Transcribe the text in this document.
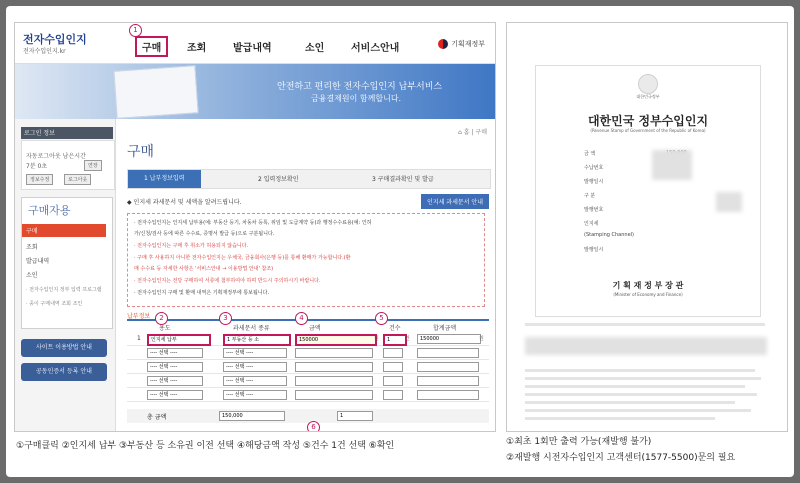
전자수입인지
전자수입인지.kr	구매	조회	발급내역	소인	서비스안내	기획재정부
1
안전하고 편리한 전자수입인지 납부서비스
금융결제원이 함께합니다.
로그인 정보
자동로그아웃 남은시간
7분 0초	연장
정보수정	로그아웃
구매자용
구매
조회
발급내역
소인
· 전자수입인지 정부 입력 프로그램
· 종이 구매내역 조회 조인
사이트 이용방법 안내
공동인증서 등록 안내
⌂ 홈 | 구매
구매
1 납부정보입력	2 입력정보확인	3 구매결과확인 및 발급
◆ 인지세 과세문서 및 세액을 알려드립니다.	인지세 과세문서 안내
· 전자수입인지는 인지세 납부용(예: 부동산 등기, 차동차 등록, 위임 및 도급계약 등)과 행정수수료용(예: 인허
가/신청/검사 등에 따른 수수료, 증명서 발급 등)으로 구분됩니다.
· 전자수입인지는 구매 후 취소가 허용되지 않습니다.
· 구매 후 사용하지 아니한 전자수입인지는 우체국, 금융회사(은행 등)를 통해 환매가 가능합니다.(환
매 수수료 등 자세한 사항은 '서비스안내 → 이용방법 안내' 참조)
· 전자수입인지는 전당 구매하여 서류에 첨부하여야 하며 반드시 주의하시기 바랍니다.
· 전자수입인지 구매 및 환매 내역은 기획재정부에 통보됩니다.
납부정보
용도	과세문서 종류	금액	건수	합계금액
2	3	4	5
1	인지세 납부	1 부동산 등 소	150000	원	1	건	150000	원
---- 선택 ----	---- 선택 ----
---- 선택 ----	---- 선택 ----
---- 선택 ----	---- 선택 ----
---- 선택 ----	---- 선택 ----
총 금액	150,000	1
6
대한민국정부
대한민국 정부수입인지
(Revenue Stamp of Government of the Republic of Korea)
금 액
수납번호
발행일시
구 분
발행번호
인지세
(Stamping Channel)
발행일시
기 획 재 정 부 장 관
(Minister of Economy and Finance)
①구매클릭 ②인지세 납부 ③부동산 등 소유권 이전 선택 ④해당금액 작성 ⑤건수 1건 선택 ⑥확인	①최초 1회만 출력 가능(재발행 불가)
②재발행 시전자수입인지 고객센터(1577-5500)문의 필요
